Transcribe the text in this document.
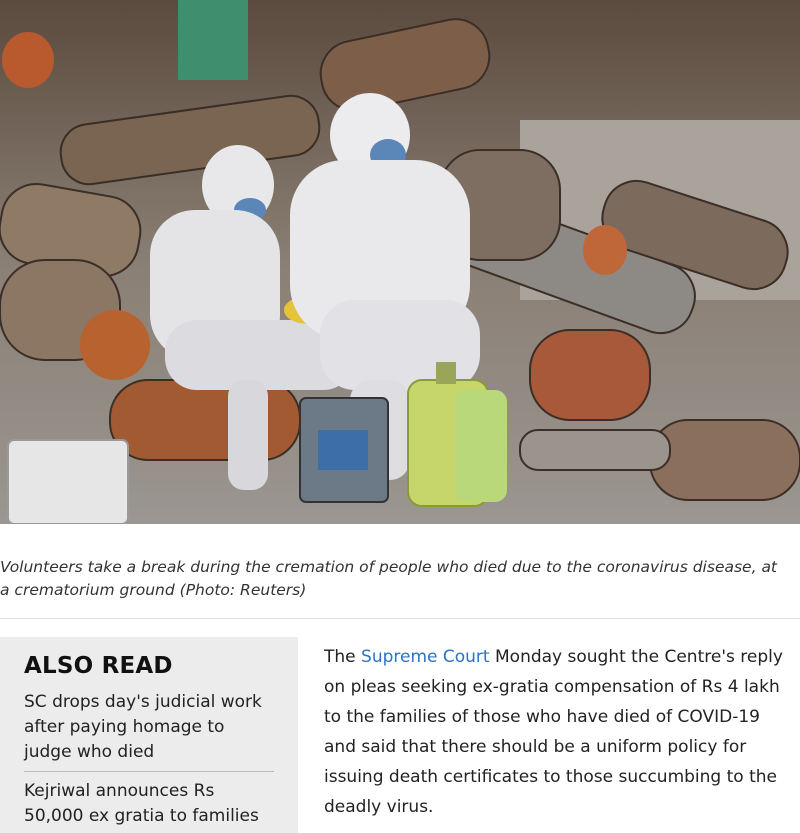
Volunteers take a break during the cremation of people who died due to the coronavirus disease, at a crematorium ground (Photo: Reuters)
ALSO READ
SC drops day's judicial work after paying homage to judge who died
Kejriwal announces Rs 50,000 ex gratia to families
The Supreme Court Monday sought the Centre's reply on pleas seeking ex-gratia compensation of Rs 4 lakh to the families of those who have died of COVID-19 and said that there should be a uniform policy for issuing death certificates to those succumbing to the deadly virus.
